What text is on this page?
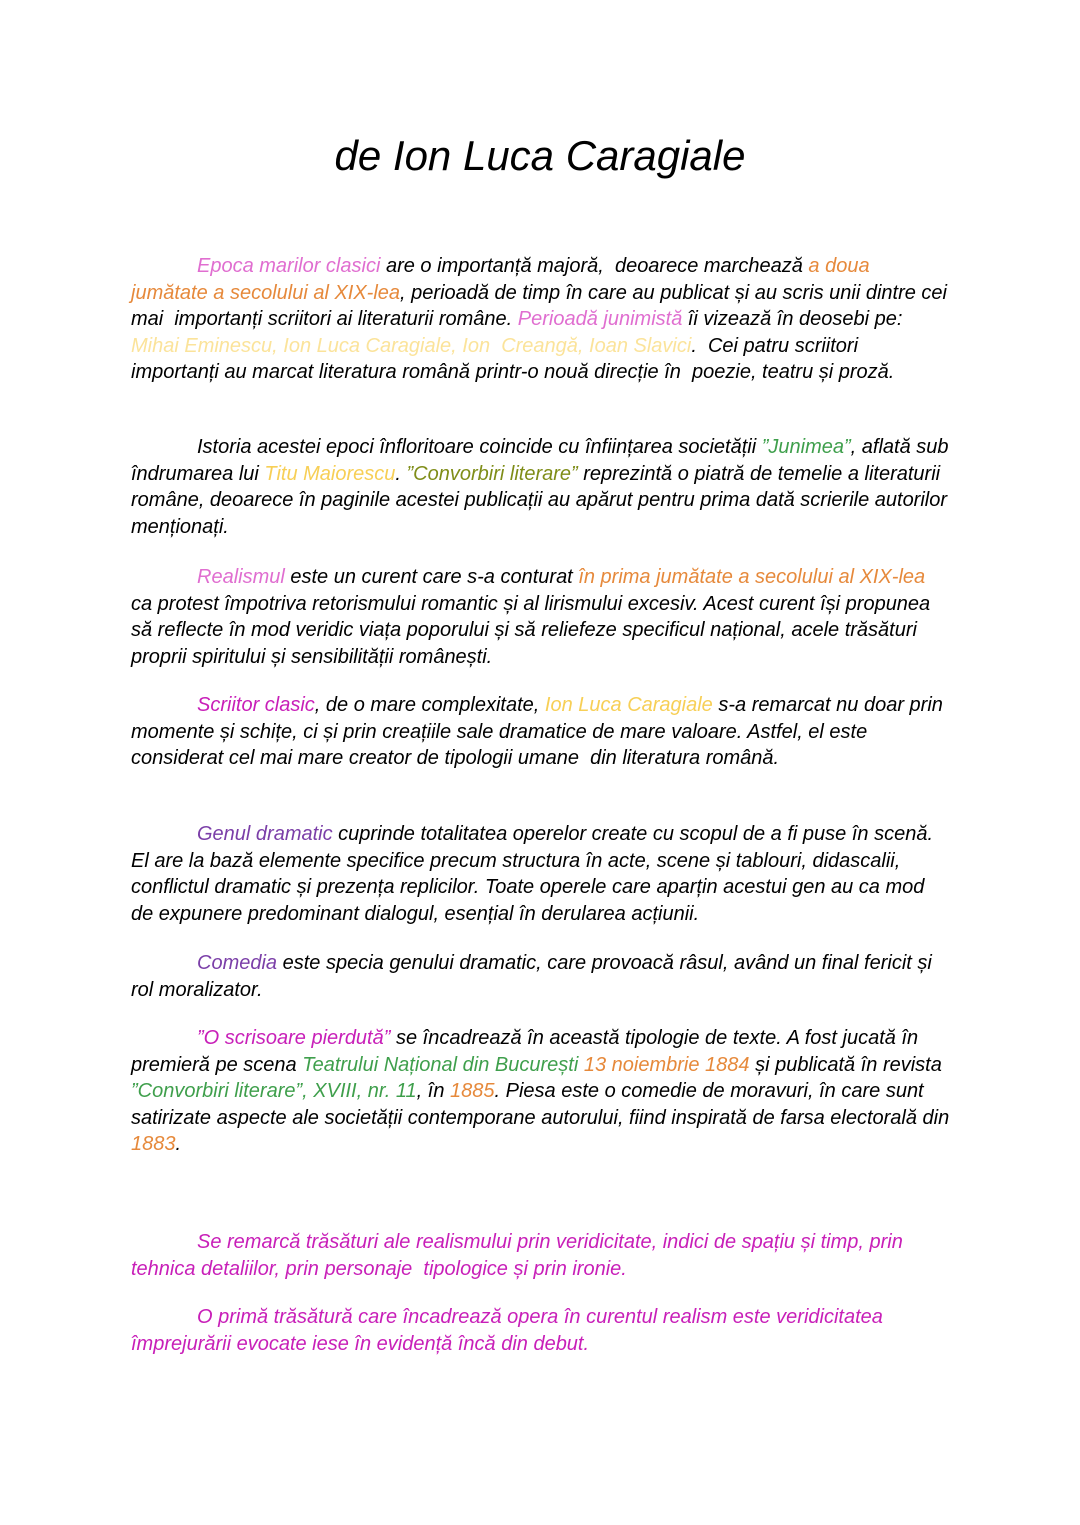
de Ion Luca Caragiale

Epoca marilor clasici are o importanță majoră,  deoarece marchează a doua jumătate a secolului al XIX-lea, perioadă de timp în care au publicat și au scris unii dintre cei mai  importanți scriitori ai literaturii române. Perioadă junimistă îi vizează în deosebi pe: Mihai Eminescu, Ion Luca Caragiale, Ion  Creangă, Ioan Slavici.  Cei patru scriitori importanți au marcat literatura română printr-o nouă direcție în  poezie, teatru și proză.

Istoria acestei epoci înfloritoare coincide cu înființarea societății ”Junimea”, aflată sub îndrumarea lui Titu Maiorescu. ”Convorbiri literare” reprezintă o piatră de temelie a literaturii  române, deoarece în paginile acestei publicații au apărut pentru prima dată scrierile autorilor  menționați.

Realismul este un curent care s-a conturat în prima jumătate a secolului al XIX-lea ca protest împotriva retorismului romantic și al lirismului excesiv. Acest curent își propunea să reflecte în mod veridic viața poporului și să reliefeze specificul național, acele trăsături proprii spiritului și sensibilității românești.

Scriitor clasic, de o mare complexitate, Ion Luca Caragiale s-a remarcat nu doar prin momente și schițe, ci și prin creațiile sale dramatice de mare valoare. Astfel, el este considerat cel mai mare creator de tipologii umane  din literatura română.

Genul dramatic cuprinde totalitatea operelor create cu scopul de a fi puse în scenă. El are la bază elemente specifice precum structura în acte, scene și tablouri, didascalii, conflictul dramatic și prezența replicilor. Toate operele care aparțin acestui gen au ca mod de expunere predominant dialogul, esențial în derularea acțiunii.

Comedia este specia genului dramatic, care provoacă râsul, având un final fericit și rol moralizator.

”O scrisoare pierdută” se încadrează în această tipologie de texte. A fost jucată în premieră pe scena Teatrului Național din București 13 noiembrie 1884 și publicată în revista ”Convorbiri literare”, XVIII, nr. 11, în 1885. Piesa este o comedie de moravuri, în care sunt satirizate aspecte ale societății contemporane autorului, fiind inspirată de farsa electorală din 1883.

Se remarcă trăsături ale realismului prin veridicitate, indici de spațiu și timp, prin tehnica detaliilor, prin personaje  tipologice și prin ironie.

O primă trăsătură care încadrează opera în curentul realism este veridicitatea împrejurării evocate iese în evidență încă din debut.
